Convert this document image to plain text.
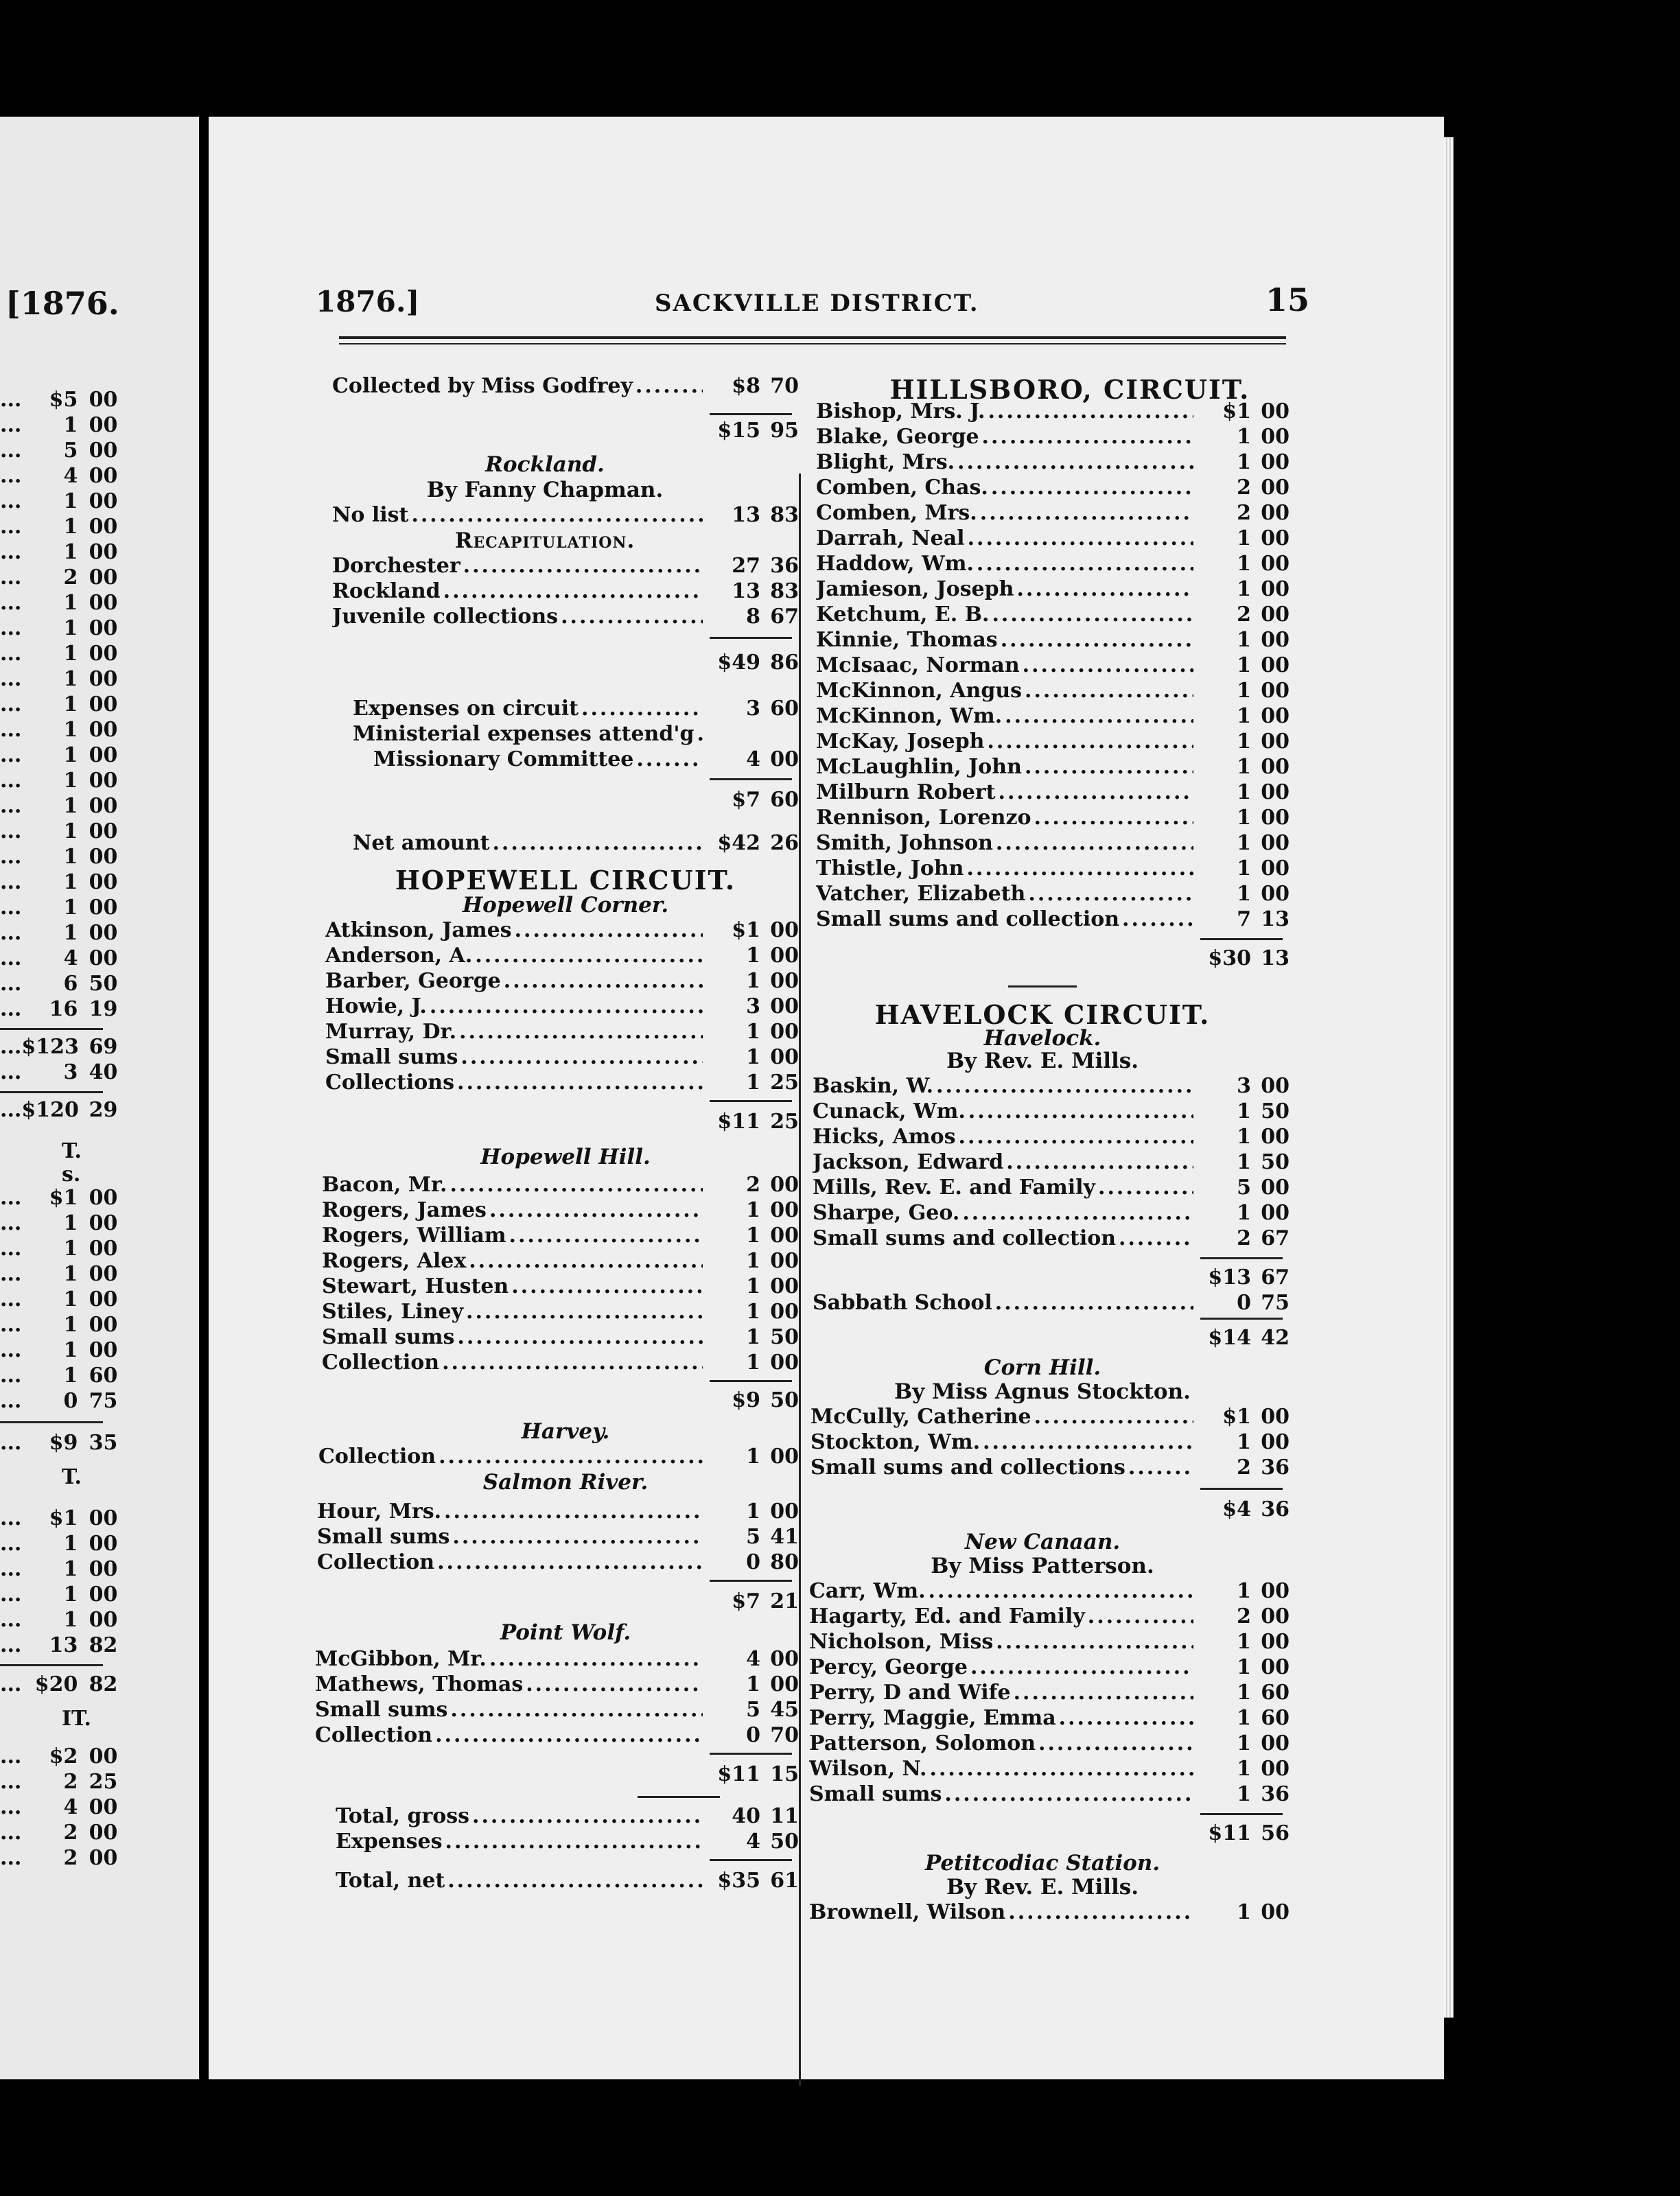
[1876.
...	$5 00
...	1 00
...	5 00
...	4 00
...	1 00
...	1 00
...	1 00
...	2 00
...	1 00
...	1 00
...	1 00
...	1 00
...	1 00
...	1 00
...	1 00
...	1 00
...	1 00
...	1 00
...	1 00
...	1 00
...	1 00
...	1 00
...	4 00
...	6 50
...	16 19
... $123 69
...	3 40
... $120 29
T.
s.
...	$1 00
...	1 00
...	1 00
...	1 00
...	1 00
...	1 00
...	1 00
...	1 60
...	0 75
...	$9 35
T.
...	$1 00
...	1 00
...	1 00
...	1 00
...	1 00
...	13 82
... $20 82
IT.
...	$2 00
...	2 25
...	4 00
...	2 00
...	2 00
1876.]	SACKVILLE DISTRICT.	15
Collected by Miss Godfrey .....	$8 70
$15 95
Rockland.
By Fanny Chapman.
No list .....	13 83
Recapitulation.
Dorchester .....	27 36
Rockland .....	13 83
Juvenile collections .....	8 67
$49 86
Expenses on circuit .....	3 60
Ministerial expenses attend'g
.....
Missionary Committee .....	4 00
$7 60
Net amount .....	$42 26
HOPEWELL CIRCUIT.
Hopewell Corner.
Atkinson, James .....	$1 00
Anderson, A. .....	1 00
Barber, George .....	1 00
Howie, J. .....	3 00
Murray, Dr. .....	1 00
Small sums .....	1 00
Collections .....	1 25
$11 25
Hopewell Hill.
Bacon, Mr. .....	2 00
Rogers, James .....	1 00
Rogers, William .....	1 00
Rogers, Alex .....	1 00
Stewart, Husten .....	1 00
Stiles, Liney .....	1 00
Small sums .....	1 50
Collection .....	1 00
$9 50
Harvey.
Collection .....	1 00
Salmon River.
Hour, Mrs. .....	1 00
Small sums .....	5 41
Collection .....	0 80
$7 21
Point Wolf.
McGibbon, Mr. .....	4 00
Mathews, Thomas .....	1 00
Small sums .....	5 45
Collection .....	0 70
$11 15
Total, gross .....	40 11
Expenses .....	4 50
Total, net .....	$35 61
HILLSBORO, CIRCUIT.
Bishop, Mrs. J. .....	$1 00
Blake, George .....	1 00
Blight, Mrs. .....	1 00
Comben, Chas. .....	2 00
Comben, Mrs. .....	2 00
Darrah, Neal .....	1 00
Haddow, Wm. .....	1 00
Jamieson, Joseph .....	1 00
Ketchum, E. B. .....	2 00
Kinnie, Thomas .....	1 00
McIsaac, Norman .....	1 00
McKinnon, Angus .....	1 00
McKinnon, Wm. .....	1 00
McKay, Joseph .....	1 00
McLaughlin, John .....	1 00
Milburn Robert .....	1 00
Rennison, Lorenzo .....	1 00
Smith, Johnson .....	1 00
Thistle, John .....	1 00
Vatcher, Elizabeth .....	1 00
Small sums and collection .....	7 13
$30 13
HAVELOCK CIRCUIT.
Havelock.
By Rev. E. Mills.
Baskin, W. .....	3 00
Cunack, Wm. .....	1 50
Hicks, Amos .....	1 00
Jackson, Edward .....	1 50
Mills, Rev. E. and Family .....	5 00
Sharpe, Geo. .....	1 00
Small sums and collection .....	2 67
$13 67
Sabbath School .....	0 75
$14 42
Corn Hill.
By Miss Agnus Stockton.
McCully, Catherine .....	$1 00
Stockton, Wm. .....	1 00
Small sums and collections .....	2 36
$4 36
New Canaan.
By Miss Patterson.
Carr, Wm. .....	1 00
Hagarty, Ed. and Family .....	2 00
Nicholson, Miss .....	1 00
Percy, George .....	1 00
Perry, D and Wife .....	1 60
Perry, Maggie, Emma .....	1 60
Patterson, Solomon .....	1 00
Wilson, N. .....	1 00
Small sums .....	1 36
$11 56
Petitcodiac Station.
By Rev. E. Mills.
Brownell, Wilson .....	1 00
